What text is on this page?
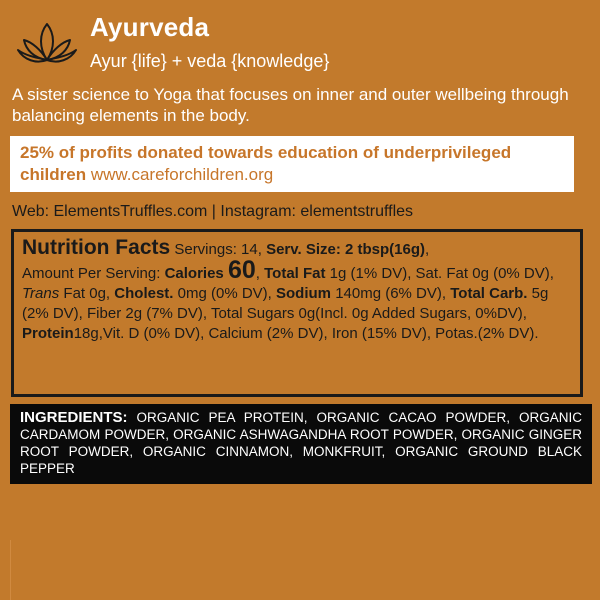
Ayurveda
Ayur {life} + veda {knowledge}
A sister science to Yoga that focuses on inner and outer wellbeing through balancing elements in the body.
25% of profits donated towards education of underprivileged children www.careforchildren.org
Web: ElementsTruffles.com | Instagram: elementstruffles
Nutrition Facts Servings: 14, Serv. Size: 2 tbsp(16g),
Amount Per Serving: Calories 60, Total Fat 1g (1% DV), Sat. Fat 0g (0% DV), Trans Fat 0g, Cholest. 0mg (0% DV), Sodium 140mg (6% DV), Total Carb. 5g (2% DV), Fiber 2g (7% DV), Total Sugars 0g(Incl. 0g Added Sugars, 0%DV), Protein18g,Vit. D (0% DV), Calcium (2% DV), Iron (15% DV), Potas.(2% DV).
INGREDIENTS: ORGANIC PEA PROTEIN, ORGANIC CACAO POWDER, ORGANIC CARDAMOM POWDER, ORGANIC ASHWAGANDHA ROOT POWDER, ORGANIC GINGER ROOT POWDER, ORGANIC CINNAMON, MONKFRUIT, ORGANIC GROUND BLACK PEPPER
